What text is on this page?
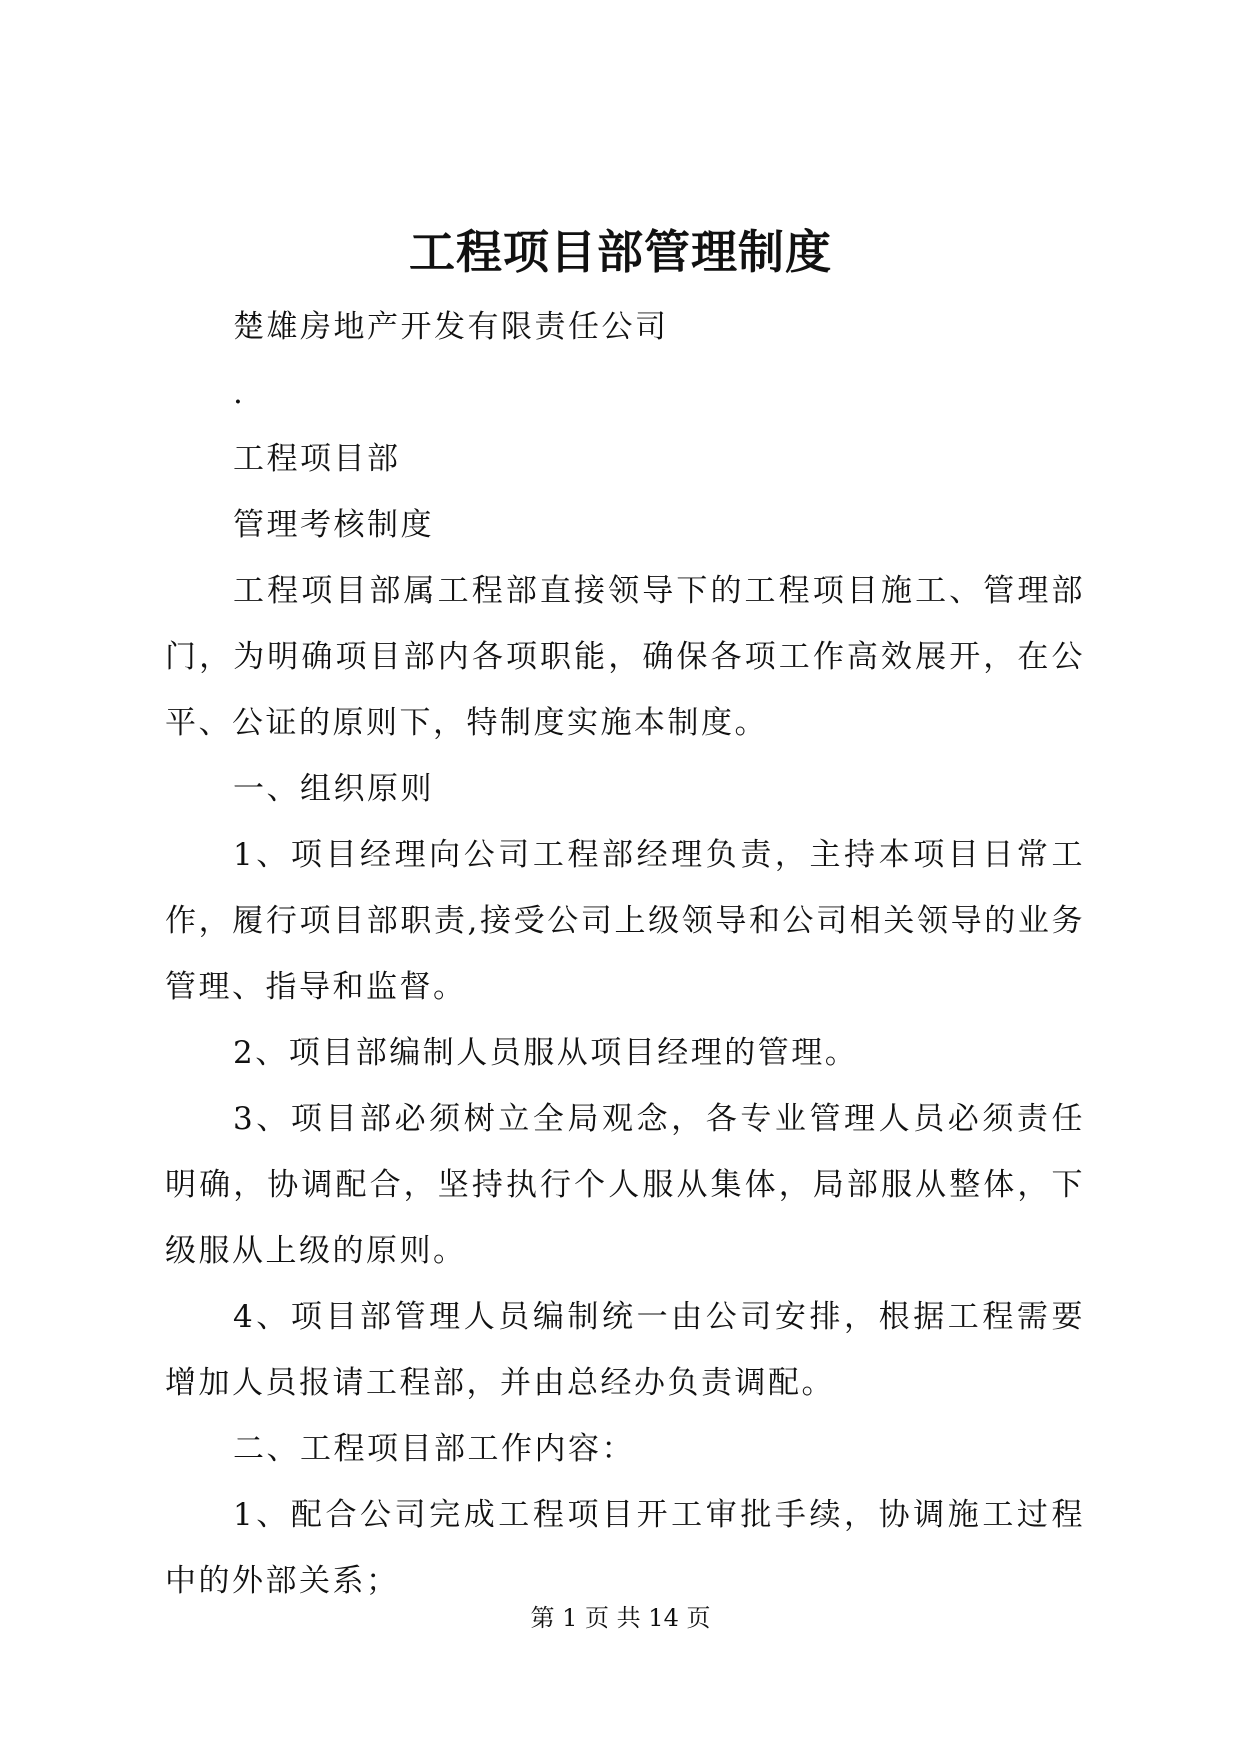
工程项目部管理制度

楚雄房地产开发有限责任公司

.

工程项目部

管理考核制度

工程项目部属工程部直接领导下的工程项目施工、管理部门，为明确项目部内各项职能，确保各项工作高效展开，在公平、公证的原则下，特制度实施本制度。

一、组织原则

1、项目经理向公司工程部经理负责，主持本项目日常工作，履行项目部职责,接受公司上级领导和公司相关领导的业务管理、指导和监督。

2、项目部编制人员服从项目经理的管理。

3、项目部必须树立全局观念，各专业管理人员必须责任明确，协调配合，坚持执行个人服从集体，局部服从整体，下级服从上级的原则。

4、项目部管理人员编制统一由公司安排，根据工程需要增加人员报请工程部，并由总经办负责调配。

二、工程项目部工作内容：

1、配合公司完成工程项目开工审批手续，协调施工过程中的外部关系；

第 1 页 共 14 页
